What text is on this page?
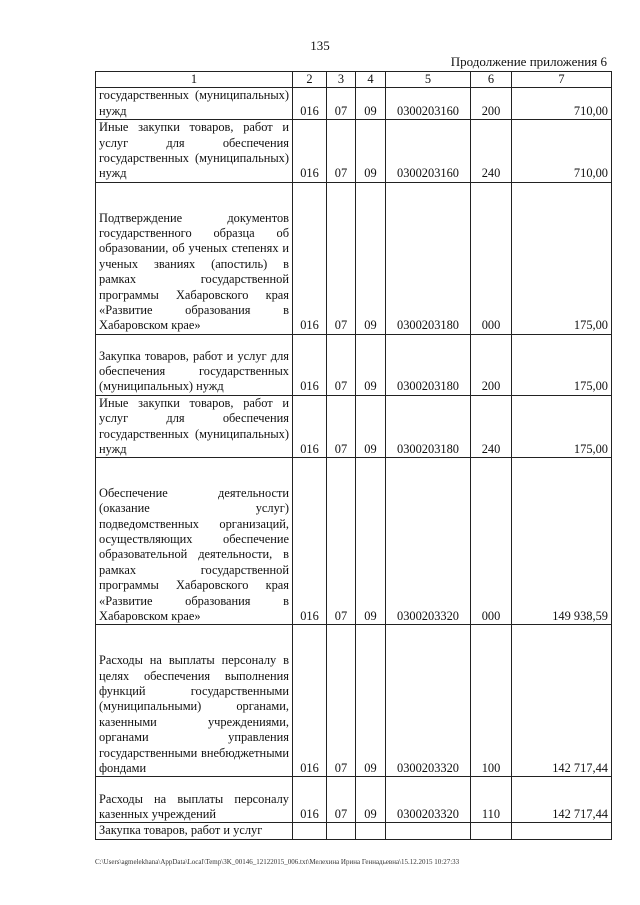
135
Продолжение приложения 6
1	2	3	4	5	6	7
государственных (муниципальных) нужд	016	07	09	0300203160	200	710,00
Иные закупки товаров, работ и услуг для обеспечения государственных (муниципальных) нужд	016	07	09	0300203160	240	710,00
Подтверждение документов государственного образца об образовании, об ученых степенях и ученых званиях (апостиль) в рамках государственной программы Хабаровского края «Развитие образования в Хабаровском крае»	016	07	09	0300203180	000	175,00
Закупка товаров, работ и услуг для обеспечения государственных (муниципальных) нужд	016	07	09	0300203180	200	175,00
Иные закупки товаров, работ и услуг для обеспечения государственных (муниципальных) нужд	016	07	09	0300203180	240	175,00
Обеспечение деятельности (оказание услуг) подведомственных организаций, осуществляющих обеспечение образовательной деятельности, в рамках государственной программы Хабаровского края «Развитие образования в Хабаровском крае»	016	07	09	0300203320	000	149 938,59
Расходы на выплаты персоналу в целях обеспечения выполнения функций государственными (муниципальными) органами, казенными учреждениями, органами управления государственными внебюджетными фондами	016	07	09	0300203320	100	142 717,44
Расходы на выплаты персоналу казенных учреждений	016	07	09	0300203320	110	142 717,44
Закупка товаров, работ и услуг						
C:\Users\agmelekhana\AppData\Local\Temp\3K_00146_12122015_006.txt\Мелехина Ирина Геннадьевна\15.12.2015 10:27:33
